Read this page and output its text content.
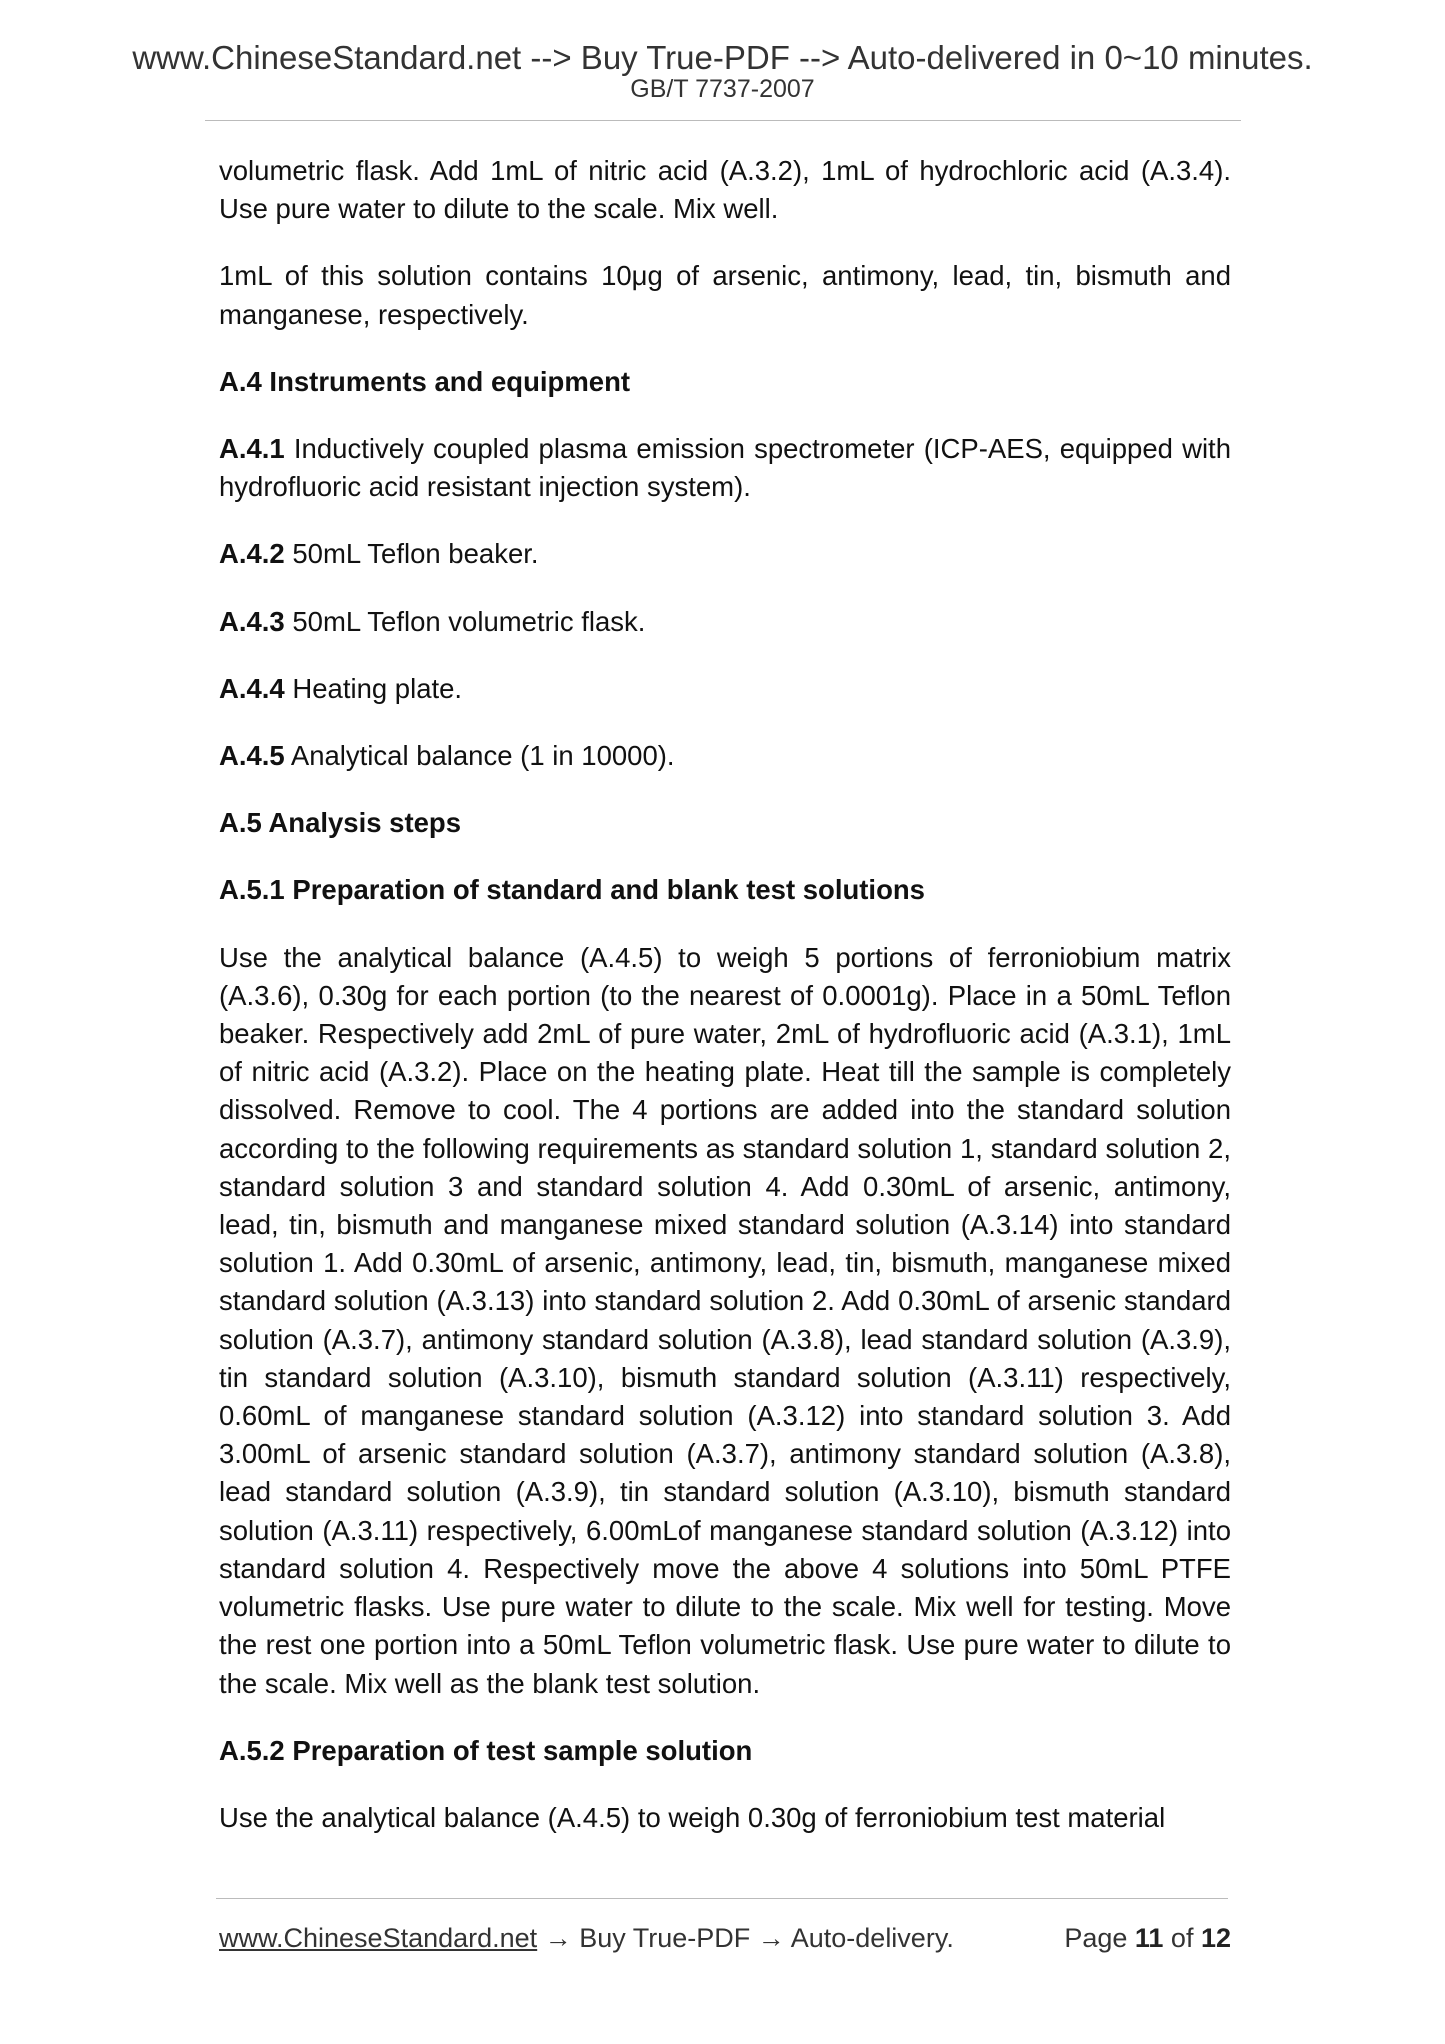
www.ChineseStandard.net --> Buy True-PDF --> Auto-delivered in 0~10 minutes.
GB/T 7737-2007

volumetric flask. Add 1mL of nitric acid (A.3.2), 1mL of hydrochloric acid (A.3.4). Use pure water to dilute to the scale. Mix well.

1mL of this solution contains 10μg of arsenic, antimony, lead, tin, bismuth and manganese, respectively.

A.4 Instruments and equipment

A.4.1 Inductively coupled plasma emission spectrometer (ICP-AES, equipped with hydrofluoric acid resistant injection system).

A.4.2 50mL Teflon beaker.

A.4.3 50mL Teflon volumetric flask.

A.4.4 Heating plate.

A.4.5 Analytical balance (1 in 10000).

A.5 Analysis steps

A.5.1 Preparation of standard and blank test solutions

Use the analytical balance (A.4.5) to weigh 5 portions of ferroniobium matrix (A.3.6), 0.30g for each portion (to the nearest of 0.0001g). Place in a 50mL Teflon beaker. Respectively add 2mL of pure water, 2mL of hydrofluoric acid (A.3.1), 1mL of nitric acid (A.3.2). Place on the heating plate. Heat till the sample is completely dissolved. Remove to cool. The 4 portions are added into the standard solution according to the following requirements as standard solution 1, standard solution 2, standard solution 3 and standard solution 4. Add 0.30mL of arsenic, antimony, lead, tin, bismuth and manganese mixed standard solution (A.3.14) into standard solution 1. Add 0.30mL of arsenic, antimony, lead, tin, bismuth, manganese mixed standard solution (A.3.13) into standard solution 2. Add 0.30mL of arsenic standard solution (A.3.7), antimony standard solution (A.3.8), lead standard solution (A.3.9), tin standard solution (A.3.10), bismuth standard solution (A.3.11) respectively, 0.60mL of manganese standard solution (A.3.12) into standard solution 3. Add 3.00mL of arsenic standard solution (A.3.7), antimony standard solution (A.3.8), lead standard solution (A.3.9), tin standard solution (A.3.10), bismuth standard solution (A.3.11) respectively, 6.00mLof manganese standard solution (A.3.12) into standard solution 4. Respectively move the above 4 solutions into 50mL PTFE volumetric flasks. Use pure water to dilute to the scale. Mix well for testing. Move the rest one portion into a 50mL Teflon volumetric flask. Use pure water to dilute to the scale. Mix well as the blank test solution.

A.5.2 Preparation of test sample solution

Use the analytical balance (A.4.5) to weigh 0.30g of ferroniobium test material

www.ChineseStandard.net → Buy True-PDF → Auto-delivery.	Page 11 of 12
